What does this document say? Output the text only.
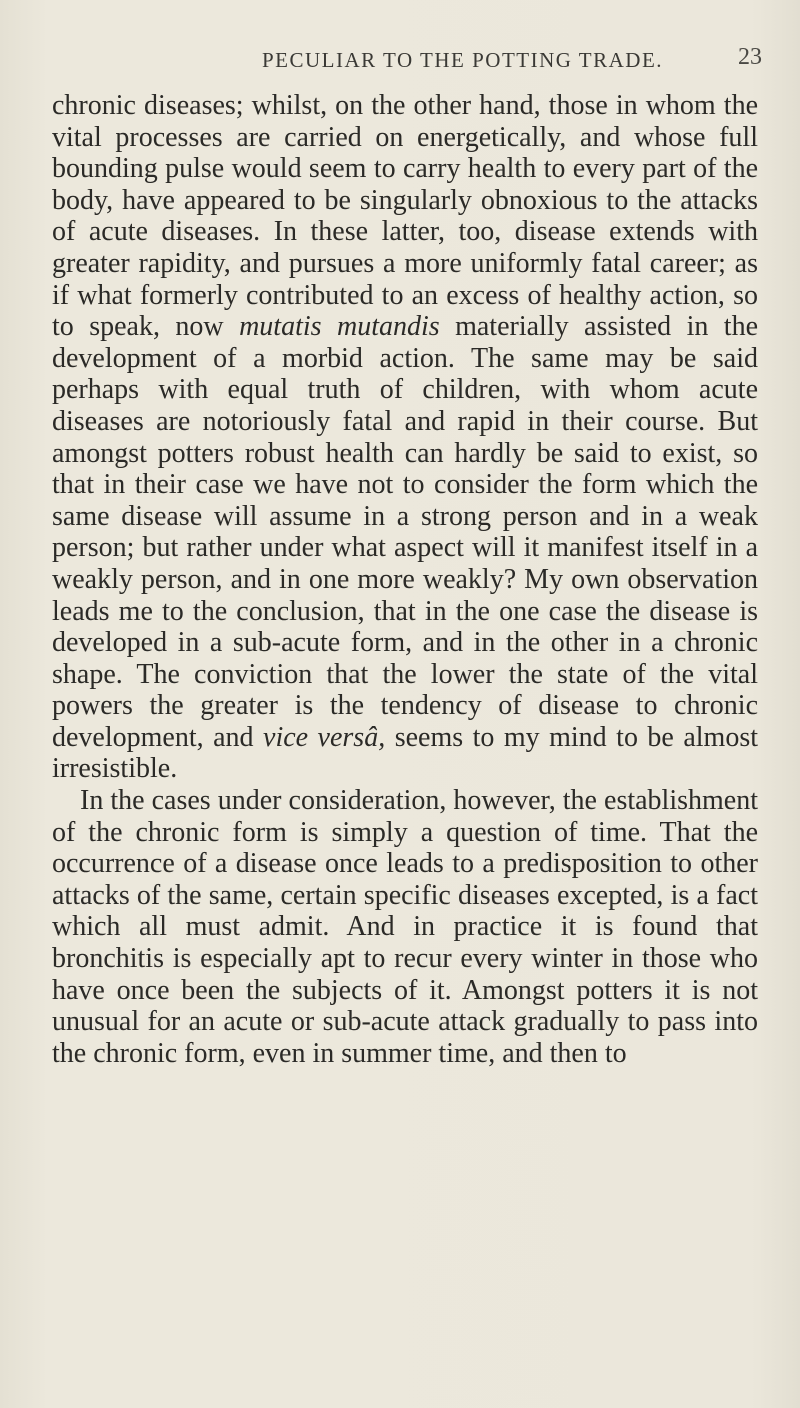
PECULIAR TO THE POTTING TRADE.	23

chronic diseases; whilst, on the other hand, those in whom the vital processes are carried on energetically, and whose full bounding pulse would seem to carry health to every part of the body, have appeared to be singularly obnoxious to the attacks of acute diseases. In these latter, too, disease extends with greater rapidity, and pursues a more uniformly fatal career; as if what formerly contributed to an excess of healthy action, so to speak, now mutatis mutandis materially assisted in the development of a morbid action. The same may be said perhaps with equal truth of children, with whom acute diseases are notoriously fatal and rapid in their course. But amongst potters robust health can hardly be said to exist, so that in their case we have not to consider the form which the same disease will assume in a strong person and in a weak person; but rather under what aspect will it manifest itself in a weakly person, and in one more weakly? My own observation leads me to the conclusion, that in the one case the disease is developed in a sub-acute form, and in the other in a chronic shape. The conviction that the lower the state of the vital powers the greater is the tendency of disease to chronic development, and vice versâ, seems to my mind to be almost irresistible.

In the cases under consideration, however, the establishment of the chronic form is simply a question of time. That the occurrence of a disease once leads to a predisposition to other attacks of the same, certain specific diseases excepted, is a fact which all must admit. And in practice it is found that bronchitis is especially apt to recur every winter in those who have once been the subjects of it. Amongst potters it is not unusual for an acute or sub-acute attack gradually to pass into the chronic form, even in summer time, and then to
